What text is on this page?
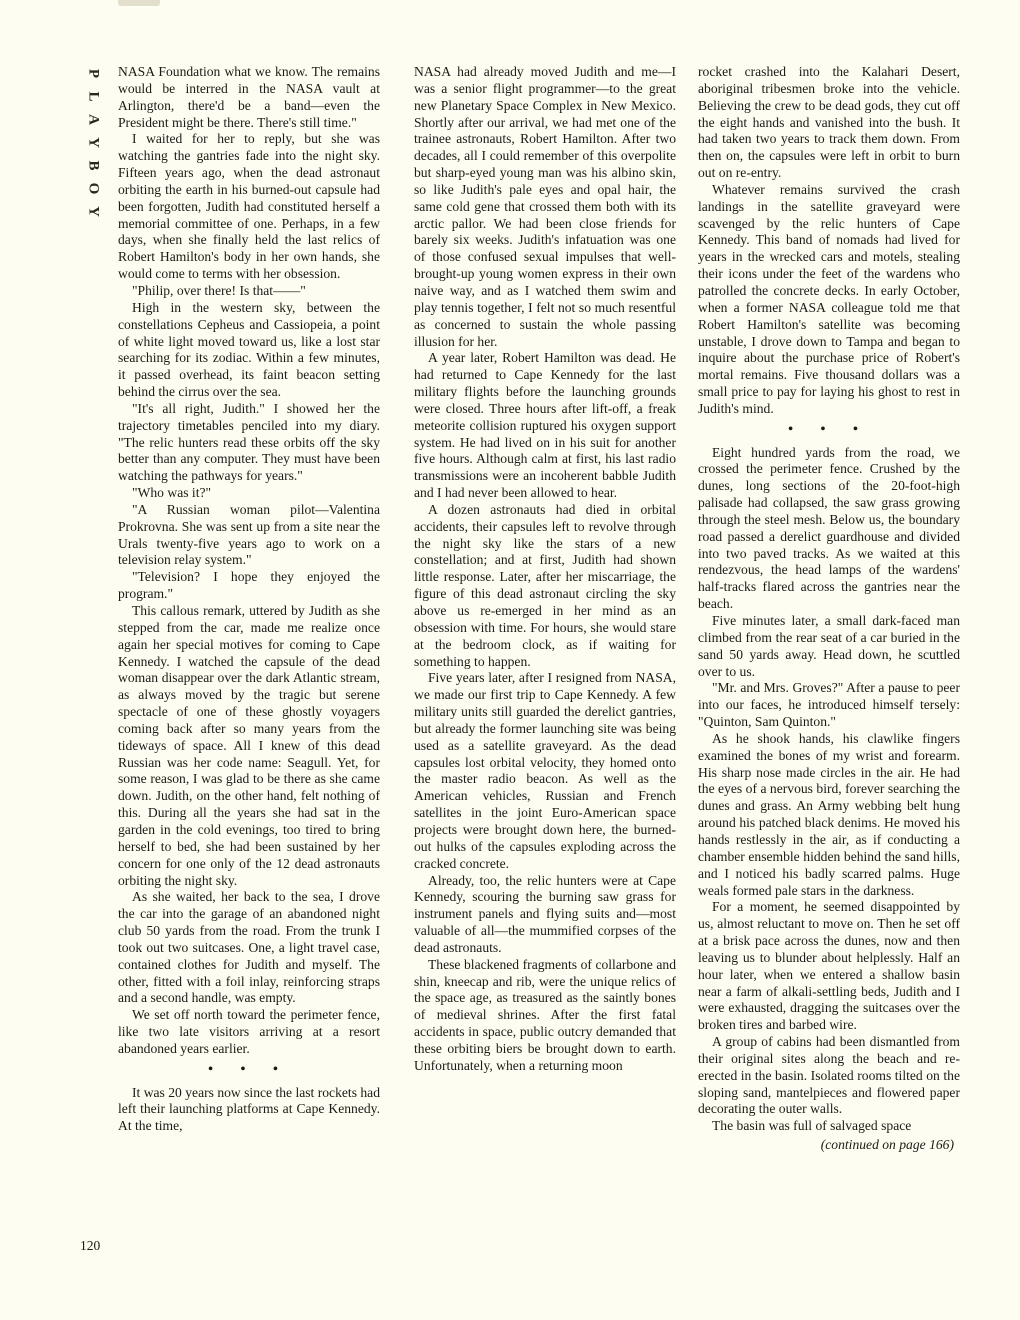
P
L
A
Y
B
O
Y

NASA Foundation what we know. The remains would be interred in the NASA vault at Arlington, there'd be a band—even the President might be there. There's still time."

I waited for her to reply, but she was watching the gantries fade into the night sky. Fifteen years ago, when the dead astronaut orbiting the earth in his burned-out capsule had been forgotten, Judith had constituted herself a memorial committee of one. Perhaps, in a few days, when she finally held the last relics of Robert Hamilton's body in her own hands, she would come to terms with her obsession.

"Philip, over there! Is that——"

High in the western sky, between the constellations Cepheus and Cassiopeia, a point of white light moved toward us, like a lost star searching for its zodiac. Within a few minutes, it passed overhead, its faint beacon setting behind the cirrus over the sea.

"It's all right, Judith." I showed her the trajectory timetables penciled into my diary. "The relic hunters read these orbits off the sky better than any computer. They must have been watching the pathways for years."

"Who was it?"

"A Russian woman pilot—Valentina Prokrovna. She was sent up from a site near the Urals twenty-five years ago to work on a television relay system."

"Television? I hope they enjoyed the program."

This callous remark, uttered by Judith as she stepped from the car, made me realize once again her special motives for coming to Cape Kennedy. I watched the capsule of the dead woman disappear over the dark Atlantic stream, as always moved by the tragic but serene spectacle of one of these ghostly voyagers coming back after so many years from the tideways of space. All I knew of this dead Russian was her code name: Seagull. Yet, for some reason, I was glad to be there as she came down. Judith, on the other hand, felt nothing of this. During all the years she had sat in the garden in the cold evenings, too tired to bring herself to bed, she had been sustained by her concern for one only of the 12 dead astronauts orbiting the night sky.

As she waited, her back to the sea, I drove the car into the garage of an abandoned night club 50 yards from the road. From the trunk I took out two suitcases. One, a light travel case, contained clothes for Judith and myself. The other, fitted with a foil inlay, reinforcing straps and a second handle, was empty.

We set off north toward the perimeter fence, like two late visitors arriving at a resort abandoned years earlier.

• • •

It was 20 years now since the last rockets had left their launching platforms at Cape Kennedy. At the time,

NASA had already moved Judith and me—I was a senior flight programmer—to the great new Planetary Space Complex in New Mexico. Shortly after our arrival, we had met one of the trainee astronauts, Robert Hamilton. After two decades, all I could remember of this overpolite but sharp-eyed young man was his albino skin, so like Judith's pale eyes and opal hair, the same cold gene that crossed them both with its arctic pallor. We had been close friends for barely six weeks. Judith's infatuation was one of those confused sexual impulses that well-brought-up young women express in their own naive way, and as I watched them swim and play tennis together, I felt not so much resentful as concerned to sustain the whole passing illusion for her.

A year later, Robert Hamilton was dead. He had returned to Cape Kennedy for the last military flights before the launching grounds were closed. Three hours after lift-off, a freak meteorite collision ruptured his oxygen support system. He had lived on in his suit for another five hours. Although calm at first, his last radio transmissions were an incoherent babble Judith and I had never been allowed to hear.

A dozen astronauts had died in orbital accidents, their capsules left to revolve through the night sky like the stars of a new constellation; and at first, Judith had shown little response. Later, after her miscarriage, the figure of this dead astronaut circling the sky above us re-emerged in her mind as an obsession with time. For hours, she would stare at the bedroom clock, as if waiting for something to happen.

Five years later, after I resigned from NASA, we made our first trip to Cape Kennedy. A few military units still guarded the derelict gantries, but already the former launching site was being used as a satellite graveyard. As the dead capsules lost orbital velocity, they homed onto the master radio beacon. As well as the American vehicles, Russian and French satellites in the joint Euro-American space projects were brought down here, the burned-out hulks of the capsules exploding across the cracked concrete.

Already, too, the relic hunters were at Cape Kennedy, scouring the burning saw grass for instrument panels and flying suits and—most valuable of all—the mummified corpses of the dead astronauts.

These blackened fragments of collarbone and shin, kneecap and rib, were the unique relics of the space age, as treasured as the saintly bones of medieval shrines. After the first fatal accidents in space, public outcry demanded that these orbiting biers be brought down to earth. Unfortunately, when a returning moon

rocket crashed into the Kalahari Desert, aboriginal tribesmen broke into the vehicle. Believing the crew to be dead gods, they cut off the eight hands and vanished into the bush. It had taken two years to track them down. From then on, the capsules were left in orbit to burn out on re-entry.

Whatever remains survived the crash landings in the satellite graveyard were scavenged by the relic hunters of Cape Kennedy. This band of nomads had lived for years in the wrecked cars and motels, stealing their icons under the feet of the wardens who patrolled the concrete decks. In early October, when a former NASA colleague told me that Robert Hamilton's satellite was becoming unstable, I drove down to Tampa and began to inquire about the purchase price of Robert's mortal remains. Five thousand dollars was a small price to pay for laying his ghost to rest in Judith's mind.

• • •

Eight hundred yards from the road, we crossed the perimeter fence. Crushed by the dunes, long sections of the 20-foot-high palisade had collapsed, the saw grass growing through the steel mesh. Below us, the boundary road passed a derelict guardhouse and divided into two paved tracks. As we waited at this rendezvous, the head lamps of the wardens' half-tracks flared across the gantries near the beach.

Five minutes later, a small dark-faced man climbed from the rear seat of a car buried in the sand 50 yards away. Head down, he scuttled over to us.

"Mr. and Mrs. Groves?" After a pause to peer into our faces, he introduced himself tersely: "Quinton, Sam Quinton."

As he shook hands, his clawlike fingers examined the bones of my wrist and forearm. His sharp nose made circles in the air. He had the eyes of a nervous bird, forever searching the dunes and grass. An Army webbing belt hung around his patched black denims. He moved his hands restlessly in the air, as if conducting a chamber ensemble hidden behind the sand hills, and I noticed his badly scarred palms. Huge weals formed pale stars in the darkness.

For a moment, he seemed disappointed by us, almost reluctant to move on. Then he set off at a brisk pace across the dunes, now and then leaving us to blunder about helplessly. Half an hour later, when we entered a shallow basin near a farm of alkali-settling beds, Judith and I were exhausted, dragging the suitcases over the broken tires and barbed wire.

A group of cabins had been dismantled from their original sites along the beach and re-erected in the basin. Isolated rooms tilted on the sloping sand, mantelpieces and flowered paper decorating the outer walls.

The basin was full of salvaged space

(continued on page 166)

120
